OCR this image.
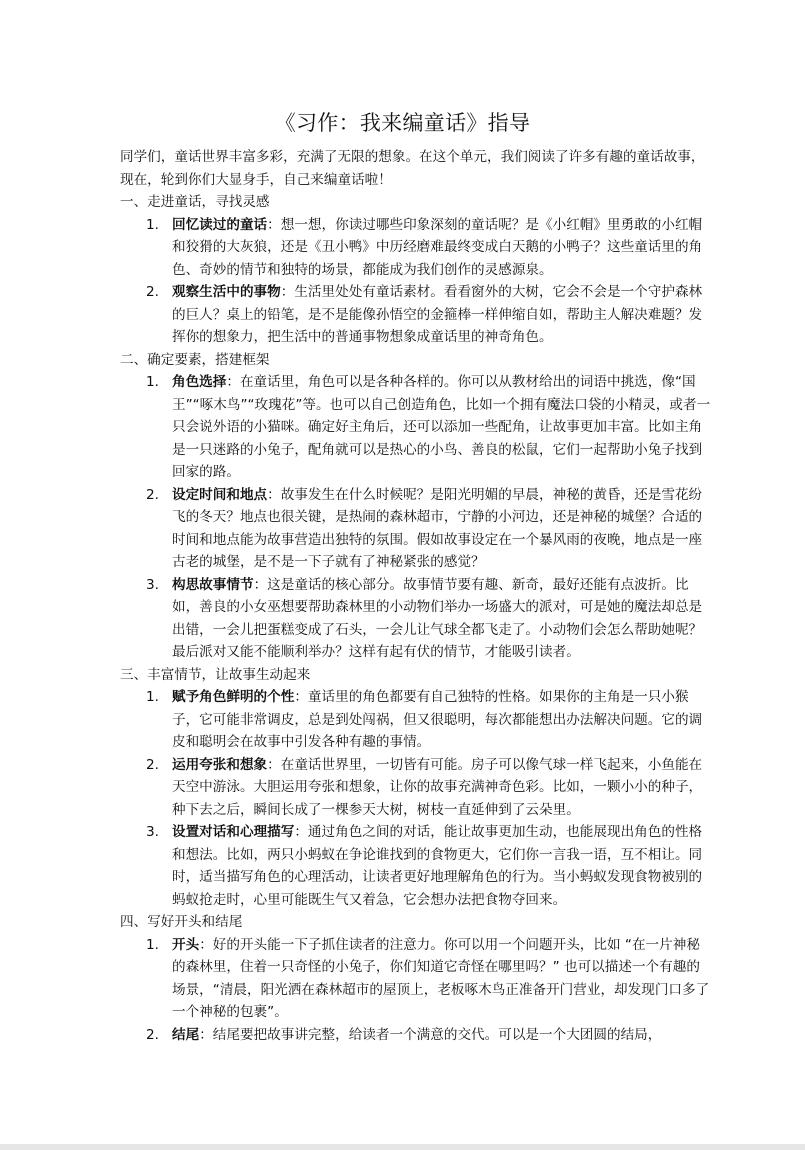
《习作：我来编童话》指导

同学们，童话世界丰富多彩，充满了无限的想象。在这个单元，我们阅读了许多有趣的童话故事，现在，轮到你们大显身手，自己来编童话啦！

一、走进童话，寻找灵感

1. 回忆读过的童话：想一想，你读过哪些印象深刻的童话呢？是《小红帽》里勇敢的小红帽和狡猾的大灰狼，还是《丑小鸭》中历经磨难最终变成白天鹅的小鸭子？这些童话里的角色、奇妙的情节和独特的场景，都能成为我们创作的灵感源泉。
2. 观察生活中的事物：生活里处处有童话素材。看看窗外的大树，它会不会是一个守护森林的巨人？桌上的铅笔，是不是能像孙悟空的金箍棒一样伸缩自如，帮助主人解决难题？发挥你的想象力，把生活中的普通事物想象成童话里的神奇角色。

二、确定要素，搭建框架

1. 角色选择：在童话里，角色可以是各种各样的。你可以从教材给出的词语中挑选，像“国王”“啄木鸟”“玫瑰花”等。也可以自己创造角色，比如一个拥有魔法口袋的小精灵，或者一只会说外语的小猫咪。确定好主角后，还可以添加一些配角，让故事更加丰富。比如主角是一只迷路的小兔子，配角就可以是热心的小鸟、善良的松鼠，它们一起帮助小兔子找到回家的路。
2. 设定时间和地点：故事发生在什么时候呢？是阳光明媚的早晨，神秘的黄昏，还是雪花纷飞的冬天？地点也很关键，是热闹的森林超市，宁静的小河边，还是神秘的城堡？合适的时间和地点能为故事营造出独特的氛围。假如故事设定在一个暴风雨的夜晚，地点是一座古老的城堡，是不是一下子就有了神秘紧张的感觉？
3. 构思故事情节：这是童话的核心部分。故事情节要有趣、新奇，最好还能有点波折。比如，善良的小女巫想要帮助森林里的小动物们举办一场盛大的派对，可是她的魔法却总是出错，一会儿把蛋糕变成了石头，一会儿让气球全都飞走了。小动物们会怎么帮助她呢？最后派对又能不能顺利举办？这样有起有伏的情节，才能吸引读者。

三、丰富情节，让故事生动起来

1. 赋予角色鲜明的个性：童话里的角色都要有自己独特的性格。如果你的主角是一只小猴子，它可能非常调皮，总是到处闯祸，但又很聪明，每次都能想出办法解决问题。它的调皮和聪明会在故事中引发各种有趣的事情。
2. 运用夸张和想象：在童话世界里，一切皆有可能。房子可以像气球一样飞起来，小鱼能在天空中游泳。大胆运用夸张和想象，让你的故事充满神奇色彩。比如，一颗小小的种子，种下去之后，瞬间长成了一棵参天大树，树枝一直延伸到了云朵里。
3. 设置对话和心理描写：通过角色之间的对话，能让故事更加生动，也能展现出角色的性格和想法。比如，两只小蚂蚁在争论谁找到的食物更大，它们你一言我一语，互不相让。同时，适当描写角色的心理活动，让读者更好地理解角色的行为。当小蚂蚁发现食物被别的蚂蚁抢走时，心里可能既生气又着急，它会想办法把食物夺回来。

四、写好开头和结尾

1. 开头：好的开头能一下子抓住读者的注意力。你可以用一个问题开头，比如 “在一片神秘的森林里，住着一只奇怪的小兔子，你们知道它奇怪在哪里吗？” 也可以描述一个有趣的场景，“清晨，阳光洒在森林超市的屋顶上，老板啄木鸟正准备开门营业，却发现门口多了一个神秘的包裹”。
2. 结尾：结尾要把故事讲完整，给读者一个满意的交代。可以是一个大团圆的结局，
